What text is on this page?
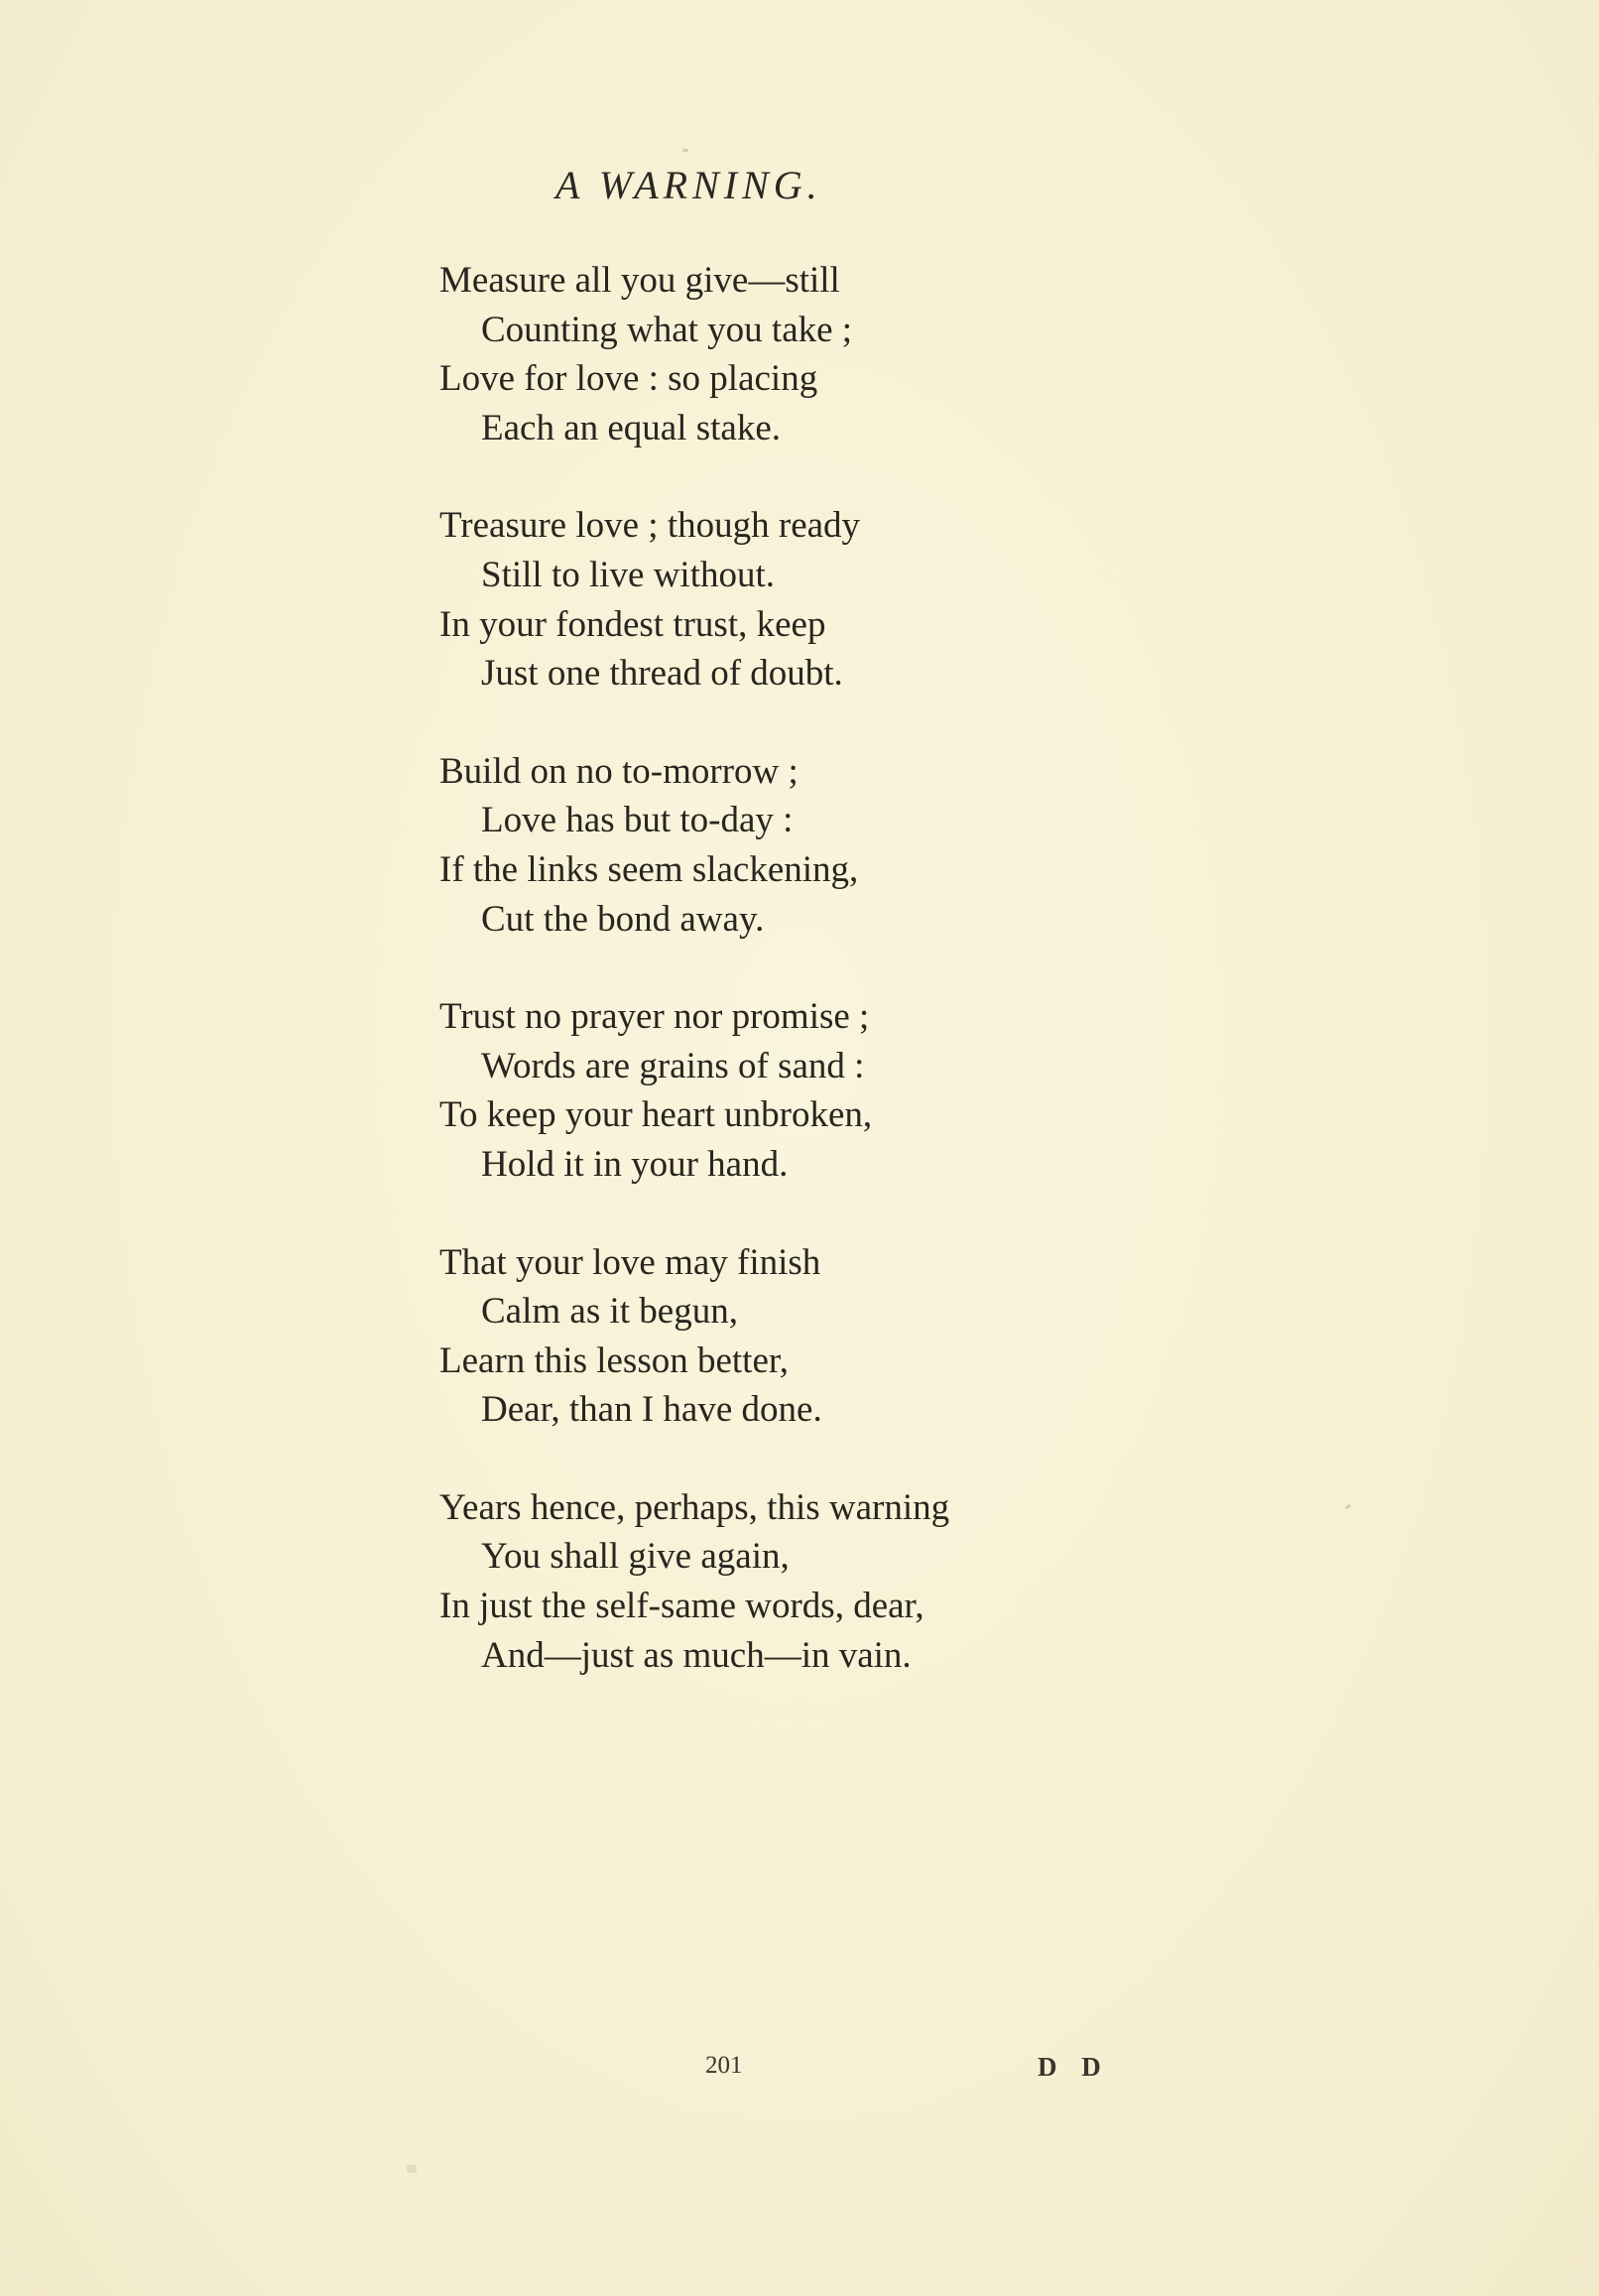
A WARNING.
Measure all you give—still
Counting what you take ;
Love for love : so placing
Each an equal stake.
Treasure love ; though ready
Still to live without.
In your fondest trust, keep
Just one thread of doubt.
Build on no to-morrow ;
Love has but to-day :
If the links seem slackening,
Cut the bond away.
Trust no prayer nor promise ;
Words are grains of sand :
To keep your heart unbroken,
Hold it in your hand.
That your love may finish
Calm as it begun,
Learn this lesson better,
Dear, than I have done.
Years hence, perhaps, this warning
You shall give again,
In just the self-same words, dear,
And—just as much—in vain.
201	D D
